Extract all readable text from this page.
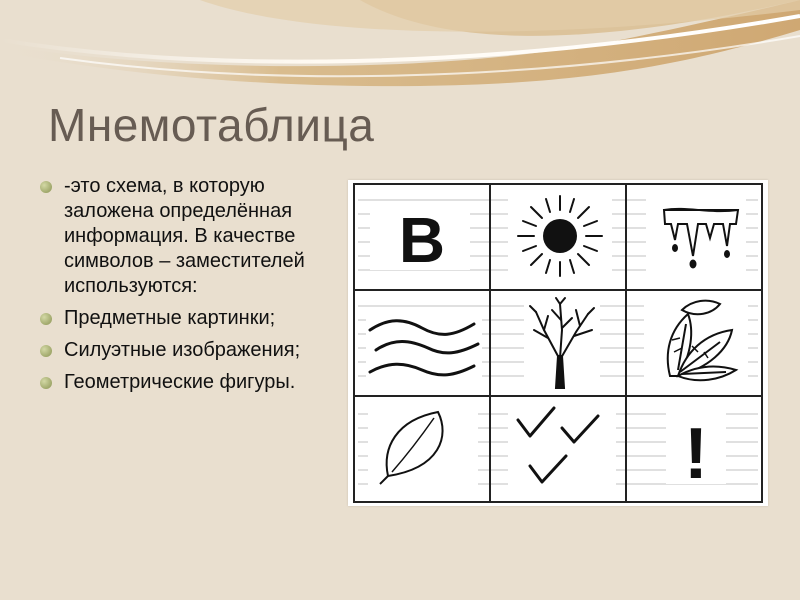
Мнемотаблица
-это схема, в которую заложена определённая информация. В качестве символов – заместителей используются:
Предметные картинки;
Силуэтные изображения;
Геометрические фигуры.
В
!
